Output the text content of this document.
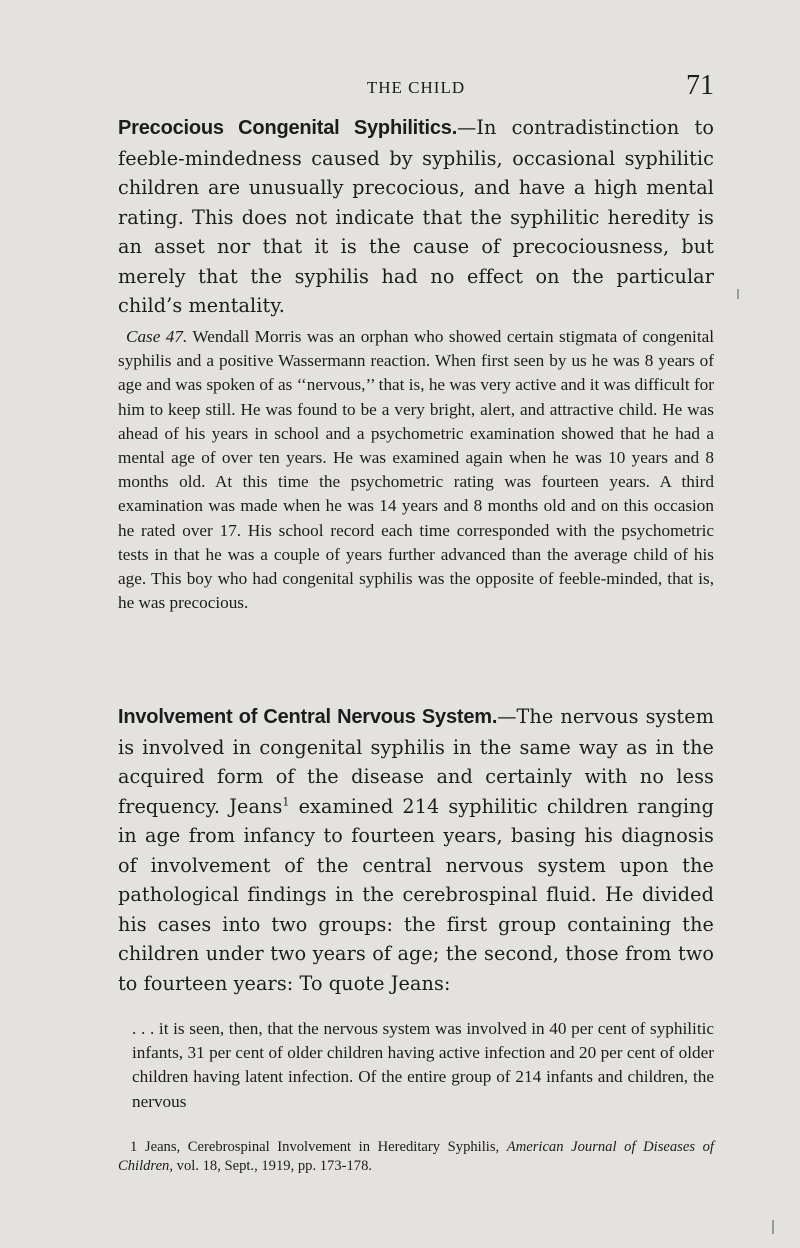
THE CHILD	71
Precocious Congenital Syphilitics.—In contradistinction to feeble-mindedness caused by syphilis, occasional syphilitic children are unusually precocious, and have a high mental rating. This does not indicate that the syphilitic heredity is an asset nor that it is the cause of precociousness, but merely that the syphilis had no effect on the particular child’s mentality.
Case 47. Wendall Morris was an orphan who showed certain stigmata of congenital syphilis and a positive Wassermann reaction. When first seen by us he was 8 years of age and was spoken of as ‘‘nervous,’’ that is, he was very active and it was difficult for him to keep still. He was found to be a very bright, alert, and attractive child. He was ahead of his years in school and a psychometric examination showed that he had a mental age of over ten years. He was examined again when he was 10 years and 8 months old. At this time the psychometric rating was fourteen years. A third examination was made when he was 14 years and 8 months old and on this occasion he rated over 17. His school record each time corresponded with the psychometric tests in that he was a couple of years further advanced than the average child of his age. This boy who had congenital syphilis was the opposite of feeble-minded, that is, he was precocious.
Involvement of Central Nervous System.—The nervous system is involved in congenital syphilis in the same way as in the acquired form of the disease and certainly with no less frequency. Jeans$^1$ examined 214 syphilitic children ranging in age from infancy to fourteen years, basing his diagnosis of involvement of the central nervous system upon the pathological findings in the cerebrospinal fluid. He divided his cases into two groups: the first group containing the children under two years of age; the second, those from two to fourteen years: To quote Jeans:
. . . it is seen, then, that the nervous system was involved in 40 per cent of syphilitic infants, 31 per cent of older children having active infection and 20 per cent of older children having latent infection. Of the entire group of 214 infants and children, the nervous
1 Jeans, Cerebrospinal Involvement in Hereditary Syphilis, American Journal of Diseases of Children, vol. 18, Sept., 1919, pp. 173-178.
